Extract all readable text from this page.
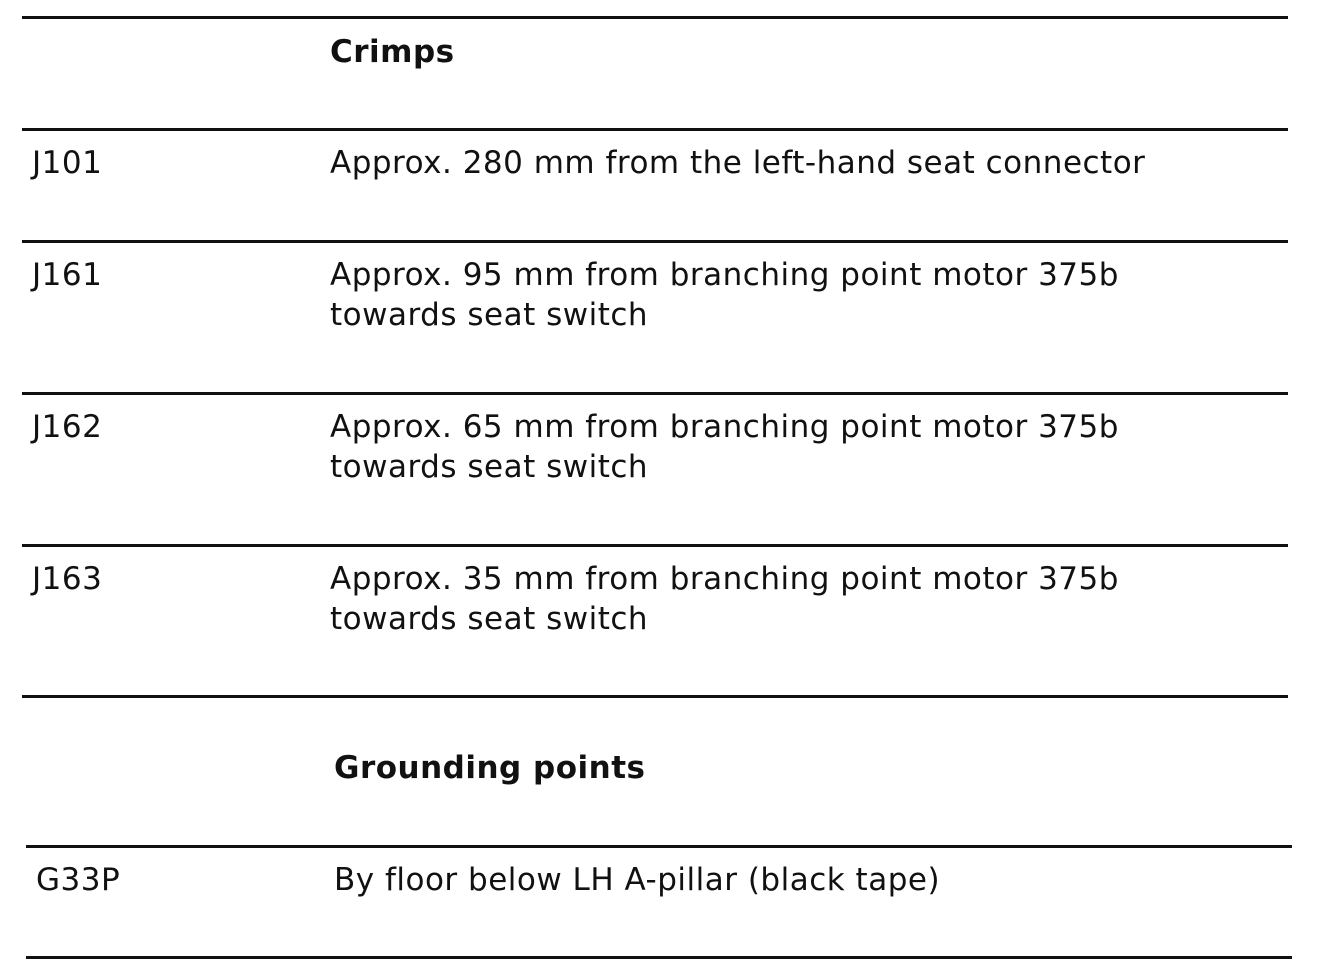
Crimps
J101	Approx. 280 mm from the left-hand seat connector
J161	Approx. 95 mm from branching point motor 375b
towards seat switch
J162	Approx. 65 mm from branching point motor 375b
towards seat switch
J163	Approx. 35 mm from branching point motor 375b
towards seat switch
Grounding points
G33P	By floor below LH A-pillar (black tape)
